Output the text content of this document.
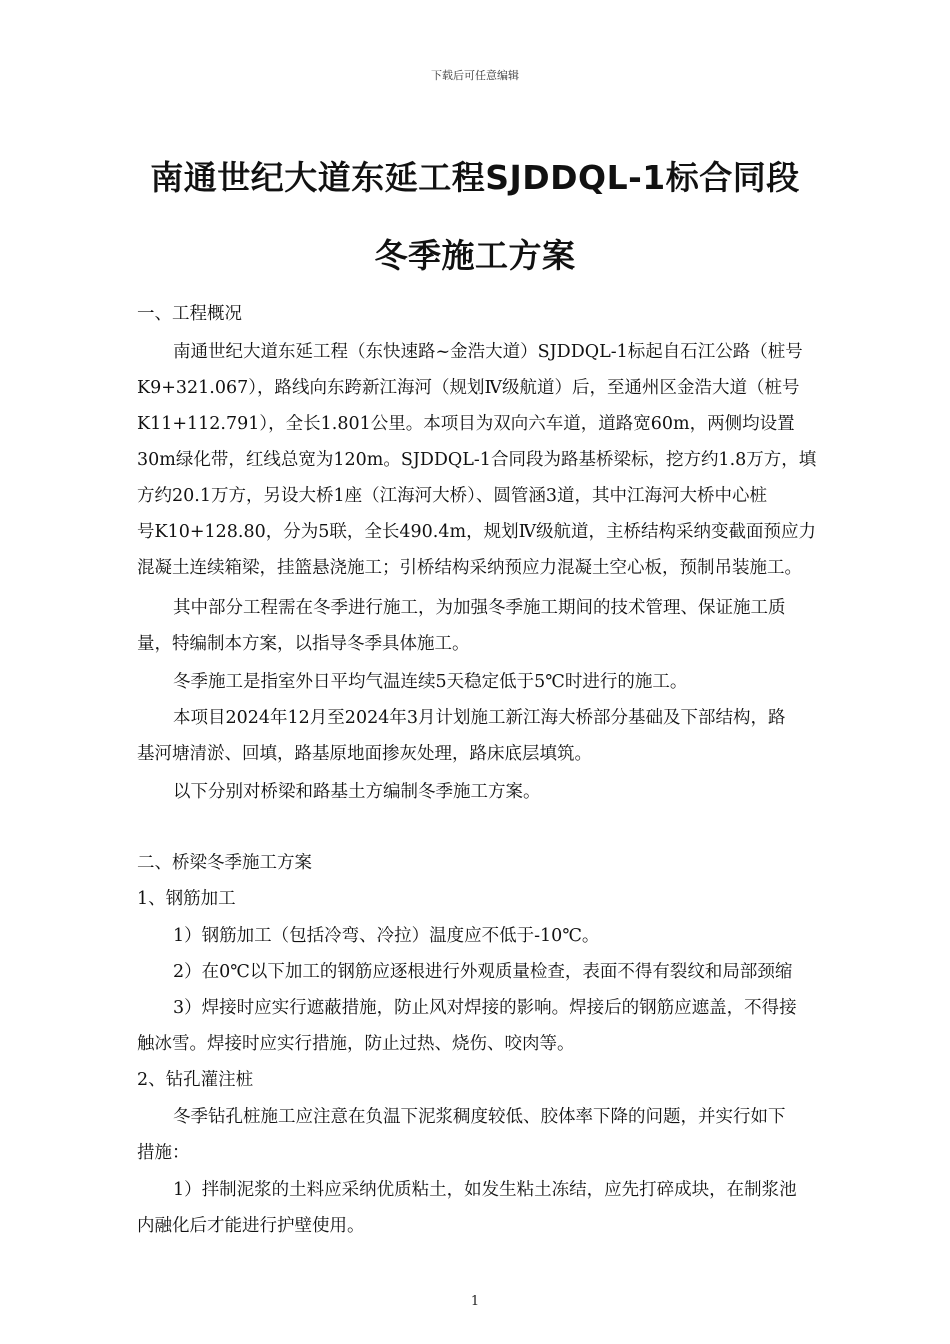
下载后可任意编辑
南通世纪大道东延工程SJDDQL-1标合同段
冬季施工方案
一、工程概况
南通世纪大道东延工程（东快速路~金浩大道）SJDDQL-1标起自石江公路（桩号
K9+321.067），路线向东跨新江海河（规划Ⅳ级航道）后，至通州区金浩大道（桩号
K11+112.791），全长1.801公里。本项目为双向六车道，道路宽60m，两侧均设置
30m绿化带，红线总宽为120m。SJDDQL-1合同段为路基桥梁标，挖方约1.8万方，填
方约20.1万方，另设大桥1座（江海河大桥）、圆管涵3道，其中江海河大桥中心桩
号K10+128.80，分为5联，全长490.4m，规划Ⅳ级航道，主桥结构采纳变截面预应力
混凝土连续箱梁，挂篮悬浇施工；引桥结构采纳预应力混凝土空心板，预制吊装施工。
其中部分工程需在冬季进行施工，为加强冬季施工期间的技术管理、保证施工质
量，特编制本方案，以指导冬季具体施工。
冬季施工是指室外日平均气温连续5天稳定低于5℃时进行的施工。
本项目2024年12月至2024年3月计划施工新江海大桥部分基础及下部结构，路
基河塘清淤、回填，路基原地面掺灰处理，路床底层填筑。
以下分别对桥梁和路基土方编制冬季施工方案。
二、桥梁冬季施工方案
1、钢筋加工
1）钢筋加工（包括冷弯、冷拉）温度应不低于-10℃。
2）在0℃以下加工的钢筋应逐根进行外观质量检查，表面不得有裂纹和局部颈缩
3）焊接时应实行遮蔽措施，防止风对焊接的影响。焊接后的钢筋应遮盖，不得接
触冰雪。焊接时应实行措施，防止过热、烧伤、咬肉等。
2、钻孔灌注桩
冬季钻孔桩施工应注意在负温下泥浆稠度较低、胶体率下降的问题，并实行如下
措施：
1）拌制泥浆的土料应采纳优质粘土，如发生粘土冻结，应先打碎成块，在制浆池
内融化后才能进行护壁使用。
1
